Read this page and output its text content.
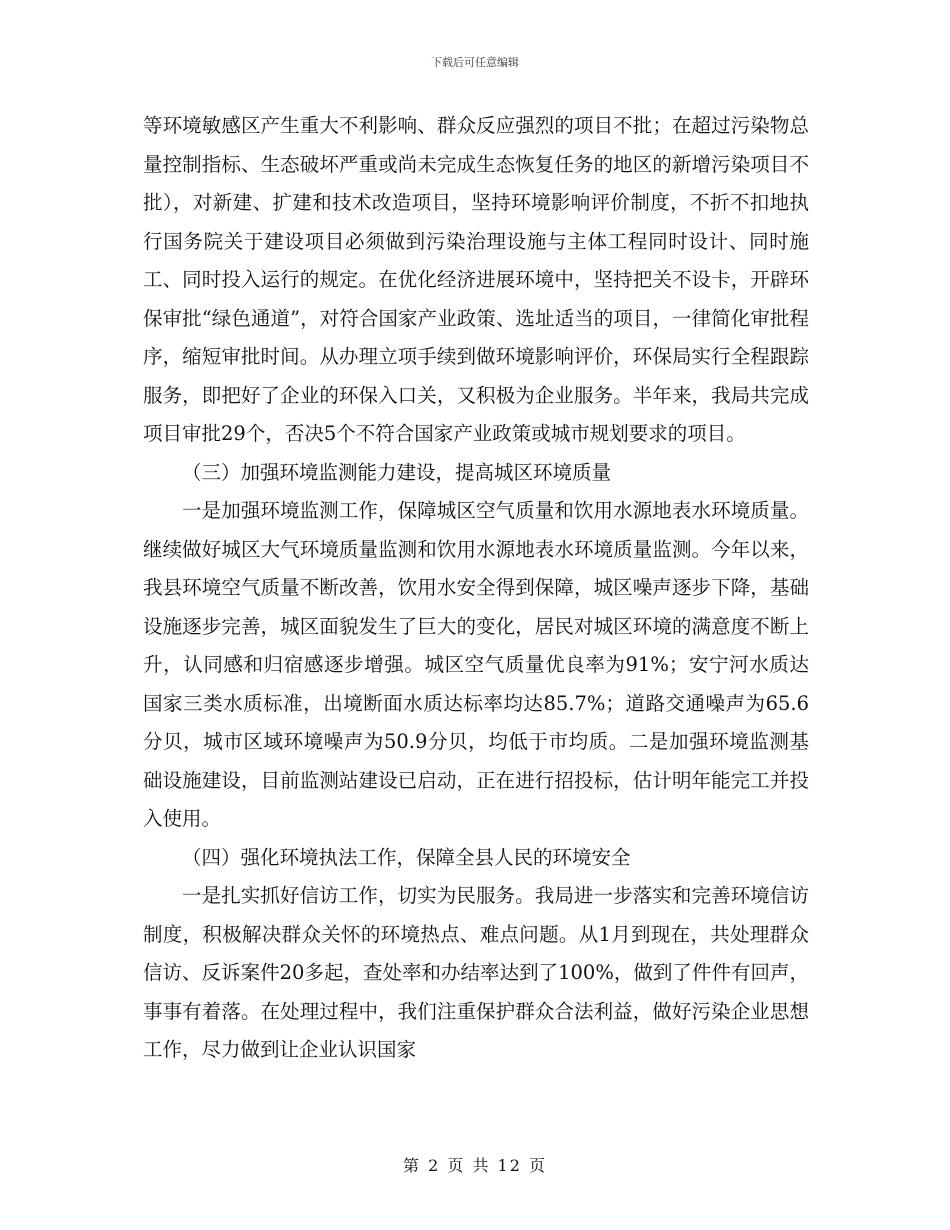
下载后可任意编辑

等环境敏感区产生重大不利影响、群众反应强烈的项目不批；在超过污染物总量控制指标、生态破坏严重或尚未完成生态恢复任务的地区的新增污染项目不批），对新建、扩建和技术改造项目，坚持环境影响评价制度，不折不扣地执行国务院关于建设项目必须做到污染治理设施与主体工程同时设计、同时施工、同时投入运行的规定。在优化经济进展环境中，坚持把关不设卡，开辟环保审批“绿色通道”，对符合国家产业政策、选址适当的项目，一律简化审批程序，缩短审批时间。从办理立项手续到做环境影响评价，环保局实行全程跟踪服务，即把好了企业的环保入口关，又积极为企业服务。半年来，我局共完成项目审批29个，否决5个不符合国家产业政策或城市规划要求的项目。

（三）加强环境监测能力建设，提高城区环境质量

一是加强环境监测工作，保障城区空气质量和饮用水源地表水环境质量。继续做好城区大气环境质量监测和饮用水源地表水环境质量监测。今年以来，我县环境空气质量不断改善，饮用水安全得到保障，城区噪声逐步下降，基础设施逐步完善，城区面貌发生了巨大的变化，居民对城区环境的满意度不断上升，认同感和归宿感逐步增强。城区空气质量优良率为91%；安宁河水质达国家三类水质标准，出境断面水质达标率均达85.7%；道路交通噪声为65.6分贝，城市区域环境噪声为50.9分贝，均低于市均质。二是加强环境监测基础设施建设，目前监测站建设已启动，正在进行招投标，估计明年能完工并投入使用。

（四）强化环境执法工作，保障全县人民的环境安全

一是扎实抓好信访工作，切实为民服务。我局进一步落实和完善环境信访制度，积极解决群众关怀的环境热点、难点问题。从1月到现在，共处理群众信访、反诉案件20多起，查处率和办结率达到了100%，做到了件件有回声，事事有着落。在处理过程中，我们注重保护群众合法利益，做好污染企业思想工作，尽力做到让企业认识国家

第 2 页 共 12 页
